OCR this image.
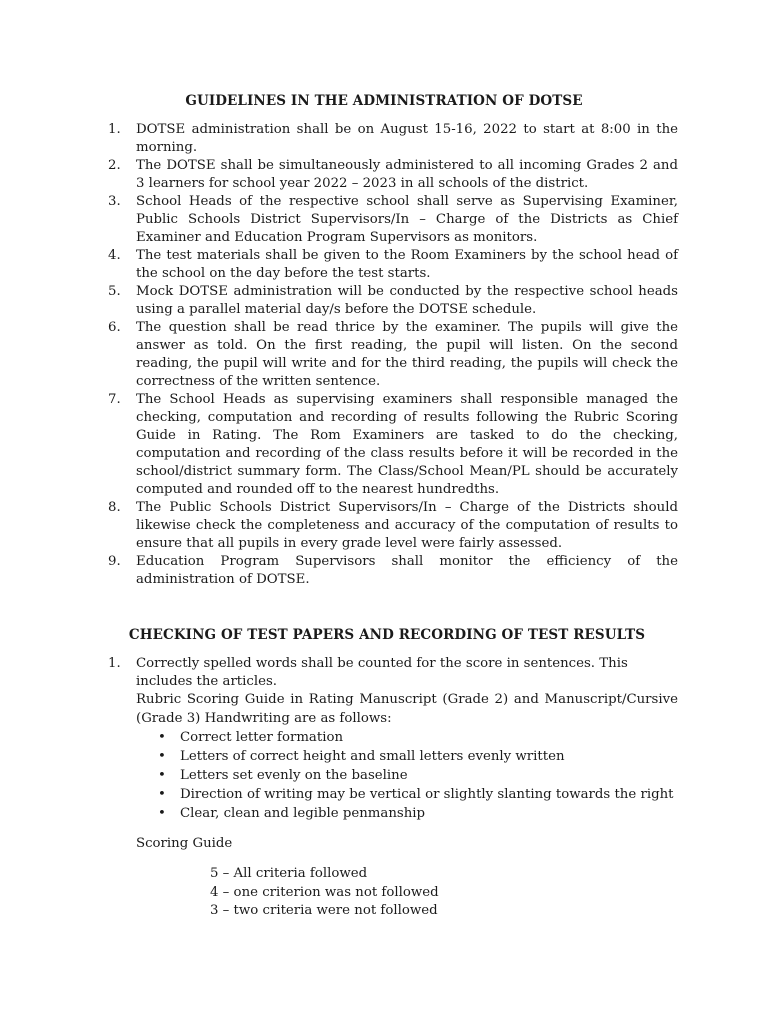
GUIDELINES IN THE ADMINISTRATION OF DOTSE
1. DOTSE administration shall be on August 15-16, 2022 to start at 8:00 in the morning.
2. The DOTSE shall be simultaneously administered to all incoming Grades 2 and 3 learners for school year 2022 – 2023 in all schools of the district.
3. School Heads of the respective school shall serve as Supervising Examiner, Public Schools District Supervisors/In – Charge of the Districts as Chief Examiner and Education Program Supervisors as monitors.
4. The test materials shall be given to the Room Examiners by the school head of the school on the day before the test starts.
5. Mock DOTSE administration will be conducted by the respective school heads using a parallel material day/s before the DOTSE schedule.
6. The question shall be read thrice by the examiner. The pupils will give the answer as told. On the first reading, the pupil will listen. On the second reading, the pupil will write and for the third reading, the pupils will check the correctness of the written sentence.
7. The School Heads as supervising examiners shall responsible managed the checking, computation and recording of results following the Rubric Scoring Guide in Rating. The Rom Examiners are tasked to do the checking, computation and recording of the class results before it will be recorded in the school/district summary form. The Class/School Mean/PL should be accurately computed and rounded off to the nearest hundredths.
8. The Public Schools District Supervisors/In – Charge of the Districts should likewise check the completeness and accuracy of the computation of results to ensure that all pupils in every grade level were fairly assessed.
9. Education Program Supervisors shall monitor the efficiency of the administration of DOTSE.
CHECKING OF TEST PAPERS AND RECORDING OF TEST RESULTS
1. Correctly spelled words shall be counted for the score in sentences. This includes the articles.
Rubric Scoring Guide in Rating Manuscript (Grade 2) and Manuscript/Cursive (Grade 3) Handwriting are as follows:
• Correct letter formation
• Letters of correct height and small letters evenly written
• Letters set evenly on the baseline
• Direction of writing may be vertical or slightly slanting towards the right
• Clear, clean and legible penmanship
Scoring Guide
5 – All criteria followed
4 – one criterion was not followed
3 – two criteria were not followed
